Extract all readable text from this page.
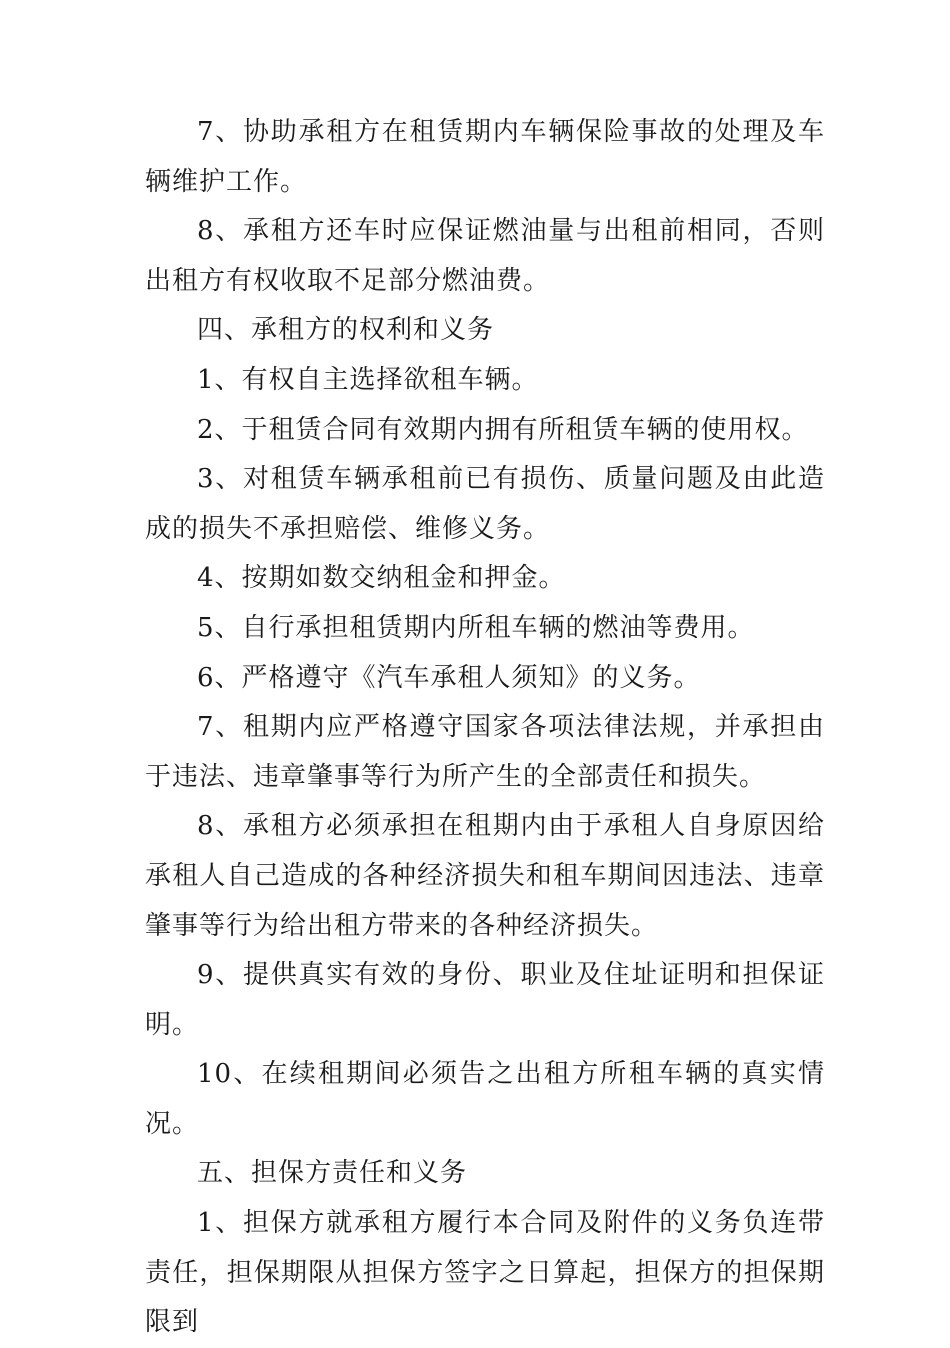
7、协助承租方在租赁期内车辆保险事故的处理及车辆维护工作。

8、承租方还车时应保证燃油量与出租前相同，否则出租方有权收取不足部分燃油费。

四、承租方的权利和义务

1、有权自主选择欲租车辆。

2、于租赁合同有效期内拥有所租赁车辆的使用权。

3、对租赁车辆承租前已有损伤、质量问题及由此造成的损失不承担赔偿、维修义务。

4、按期如数交纳租金和押金。

5、自行承担租赁期内所租车辆的燃油等费用。

6、严格遵守《汽车承租人须知》的义务。

7、租期内应严格遵守国家各项法律法规，并承担由于违法、违章肇事等行为所产生的全部责任和损失。

8、承租方必须承担在租期内由于承租人自身原因给承租人自己造成的各种经济损失和租车期间因违法、违章肇事等行为给出租方带来的各种经济损失。

9、提供真实有效的身份、职业及住址证明和担保证明。

10、在续租期间必须告之出租方所租车辆的真实情况。

五、担保方责任和义务

1、担保方就承租方履行本合同及附件的义务负连带责任，担保期限从担保方签字之日算起，担保方的担保期限到
